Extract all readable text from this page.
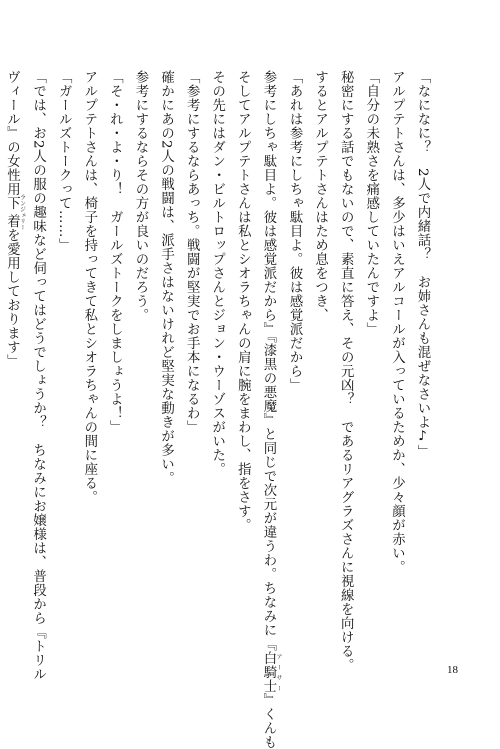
「なになに？　2人で内緒話？　お姉さんも混ぜなさいよ♪」
アルプテトさんは、多少はいえアルコールが入っているためか、少々顔が赤い。
「自分の未熟さを痛感していたんですよ」
秘密にする話でもないので、素直に答え、その元凶？　であるリアグラズさんに視線を向ける。
するとアルプテトさんはため息をつき、
「あれは参考にしちゃ駄目よ。彼は感覚派だから」
参考にしちゃ駄目よ。彼は感覚派だから』『漆黒の悪魔』と同じで次元が違うわ。ちなみに『白騎士 アーサー』くんも
そしてアルプテトさんは私とシオラちゃんの肩に腕をまわし、指をさす。
その先にはダン・ビルトロップさんとジョン・ウーゾスがいた。
「参考にするならあっち。戦闘が堅実でお手本になるわ」
確かにあの2人の戦闘は、派手さはないけれど堅実な動きが多い。
参考にするならその方が良いのだろう。
「そ・れ・よ・り！　ガールズトークをしましょうよ！」
アルプテトさんは、椅子を持ってきて私とシオラちゃんの間に座る。
「ガールズトークって……」
「では、お2人の服の趣味など伺ってはどうでしょうか？　ちなみにお嬢様は、普段から『トリル
ヴィール』の女性用下着 ランジェリーを愛用しております」
18
